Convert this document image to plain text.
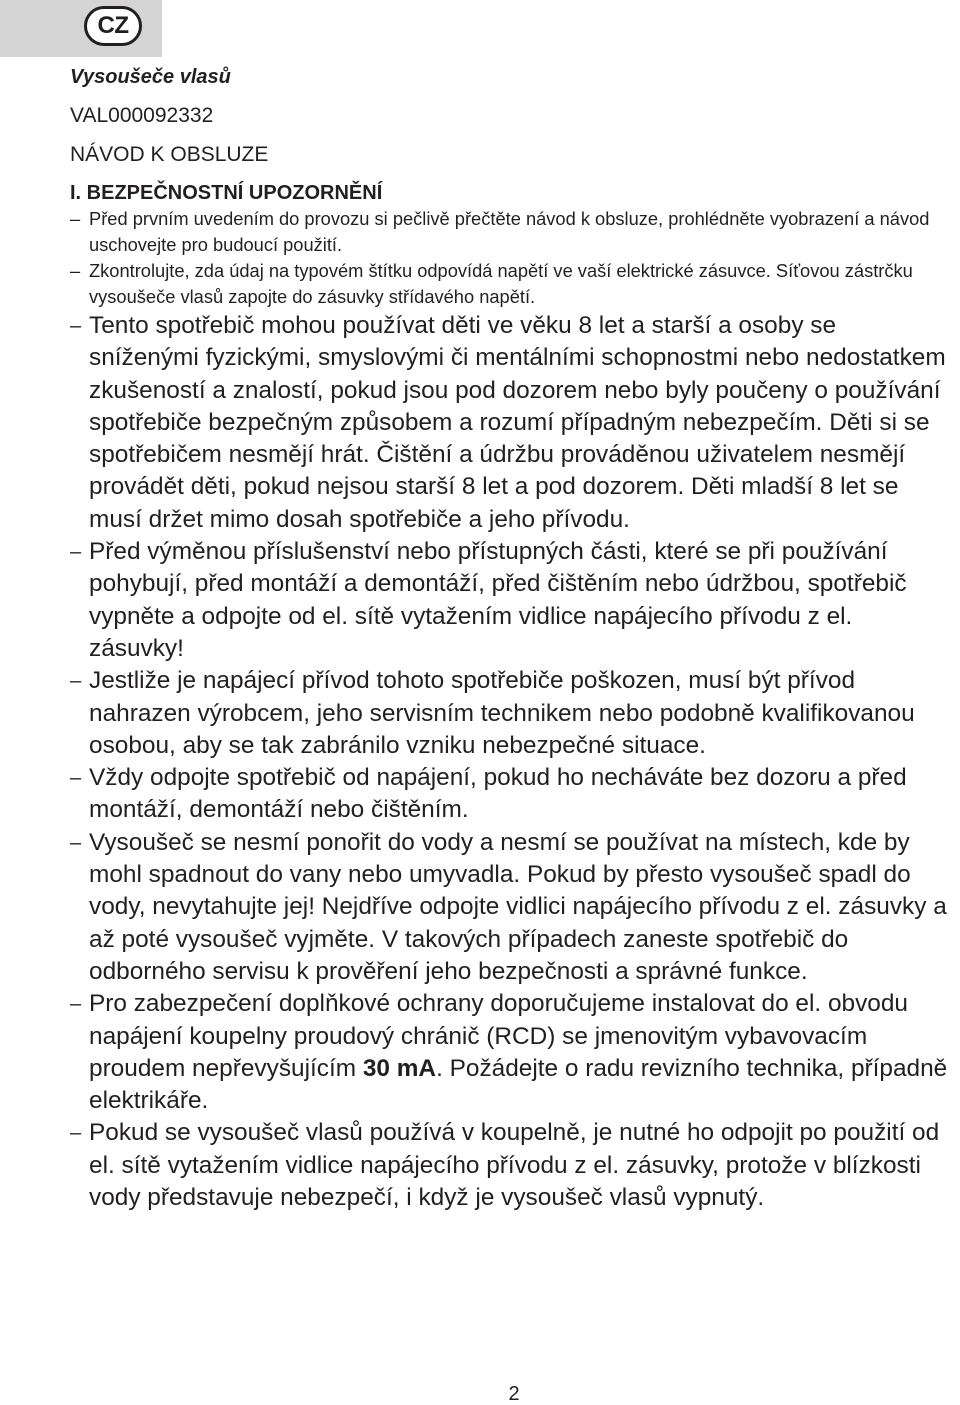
CZ
Vysoušeče vlasů
VAL000092332
NÁVOD K OBSLUZE
I. BEZPEČNOSTNÍ UPOZORNĚNÍ
– Před prvním uvedením do provozu si pečlivě přečtěte návod k obsluze, prohlédněte vyobrazení a návod uschovejte pro budoucí použití.
– Zkontrolujte, zda údaj na typovém štítku odpovídá napětí ve vaší elektrické zásuvce. Síťovou zástrčku vysoušeče vlasů zapojte do zásuvky střídavého napětí.
– Tento spotřebič mohou používat děti ve věku 8 let a starší a osoby se sníženými fyzickými, smyslovými či mentálními schopnostmi nebo nedostatkem zkušeností a znalostí, pokud jsou pod dozorem nebo byly poučeny o používání spotřebiče bezpečným způsobem a rozumí případným nebezpečím. Děti si se spotřebičem nesmějí hrát. Čištění a údržbu prováděnou uživatelem nesmějí provádět děti, pokud nejsou starší 8 let a pod dozorem. Děti mladší 8 let se musí držet mimo dosah spotřebiče a jeho přívodu.
– Před výměnou příslušenství nebo přístupných části, které se při používání pohybují, před montáží a demontáží, před čištěním nebo údržbou, spotřebič vypněte a odpojte od el. sítě vytažením vidlice napájecího přívodu z el. zásuvky!
– Jestliže je napájecí přívod tohoto spotřebiče poškozen, musí být přívod nahrazen výrobcem, jeho servisním technikem nebo podobně kvalifikovanou osobou, aby se tak zabránilo vzniku nebezpečné situace.
– Vždy odpojte spotřebič od napájení, pokud ho necháváte bez dozoru a před montáží, demontáží nebo čištěním.
– Vysoušeč se nesmí ponořit do vody a nesmí se používat na místech, kde by mohl spadnout do vany nebo umyvadla. Pokud by přesto vysoušeč spadl do vody, nevytahujte jej! Nejdříve odpojte vidlici napájecího přívodu z el. zásuvky a až poté vysoušeč vyjměte. V takových případech zaneste spotřebič do odborného servisu k prověření jeho bezpečnosti a správné funkce.
– Pro zabezpečení doplňkové ochrany doporučujeme instalovat do el. obvodu napájení koupelny proudový chránič (RCD) se jmenovitým vybavovacím proudem nepřevyšujícím 30 mA. Požádejte o radu revizního technika, případně elektrikáře.
– Pokud se vysoušeč vlasů používá v koupelně, je nutné ho odpojit po použití od el. sítě vytažením vidlice napájecího přívodu z el. zásuvky, protože v blízkosti vody představuje nebezpečí, i když je vysoušeč vlasů vypnutý.
2
